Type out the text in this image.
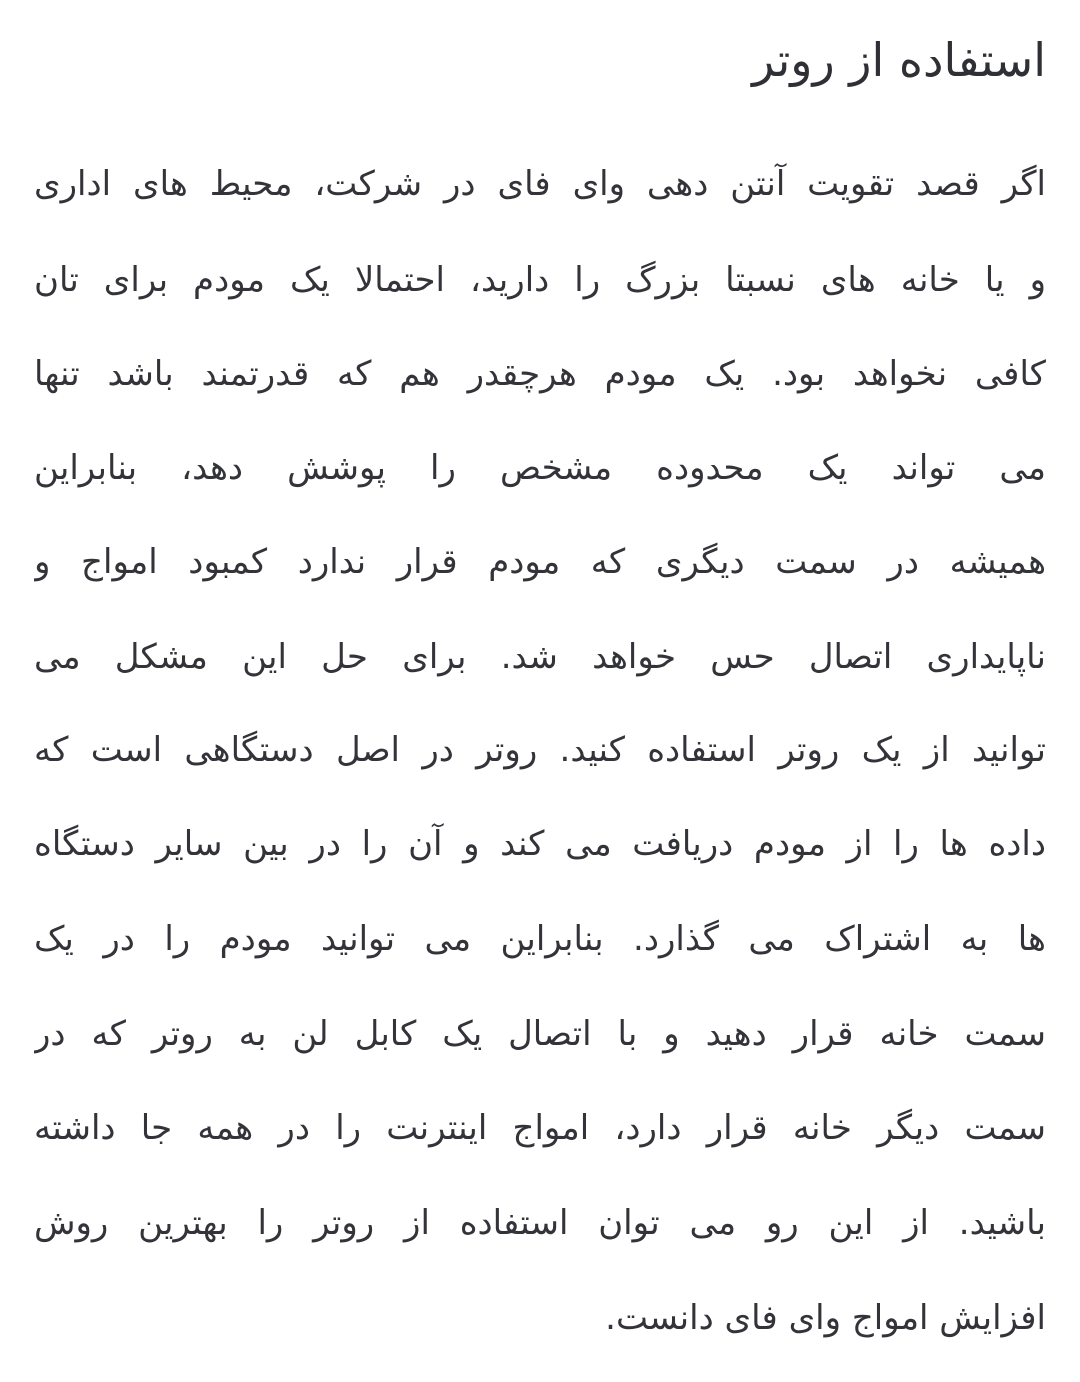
استفاده از روتر
اگر قصد تقویت آنتن دهی وای فای در شرکت، محیط های اداری
و یا خانه های نسبتا بزرگ را دارید، احتمالا یک مودم برای تان
کافی نخواهد بود. یک مودم هرچقدر هم که قدرتمند باشد تنها
می تواند یک محدوده مشخص را پوشش دهد، بنابراین
همیشه در سمت دیگری که مودم قرار ندارد کمبود امواج و
ناپایداری اتصال حس خواهد شد. برای حل این مشکل می
توانید از یک روتر استفاده کنید. روتر در اصل دستگاهی است که
داده ها را از مودم دریافت می کند و آن را در بین سایر دستگاه
ها به اشتراک می گذارد. بنابراین می توانید مودم را در یک
سمت خانه قرار دهید و با اتصال یک کابل لن به روتر که در
سمت دیگر خانه قرار دارد، امواج اینترنت را در همه جا داشته
باشید. از این رو می توان استفاده از روتر را بهترین روش
افزایش امواج وای فای دانست.
